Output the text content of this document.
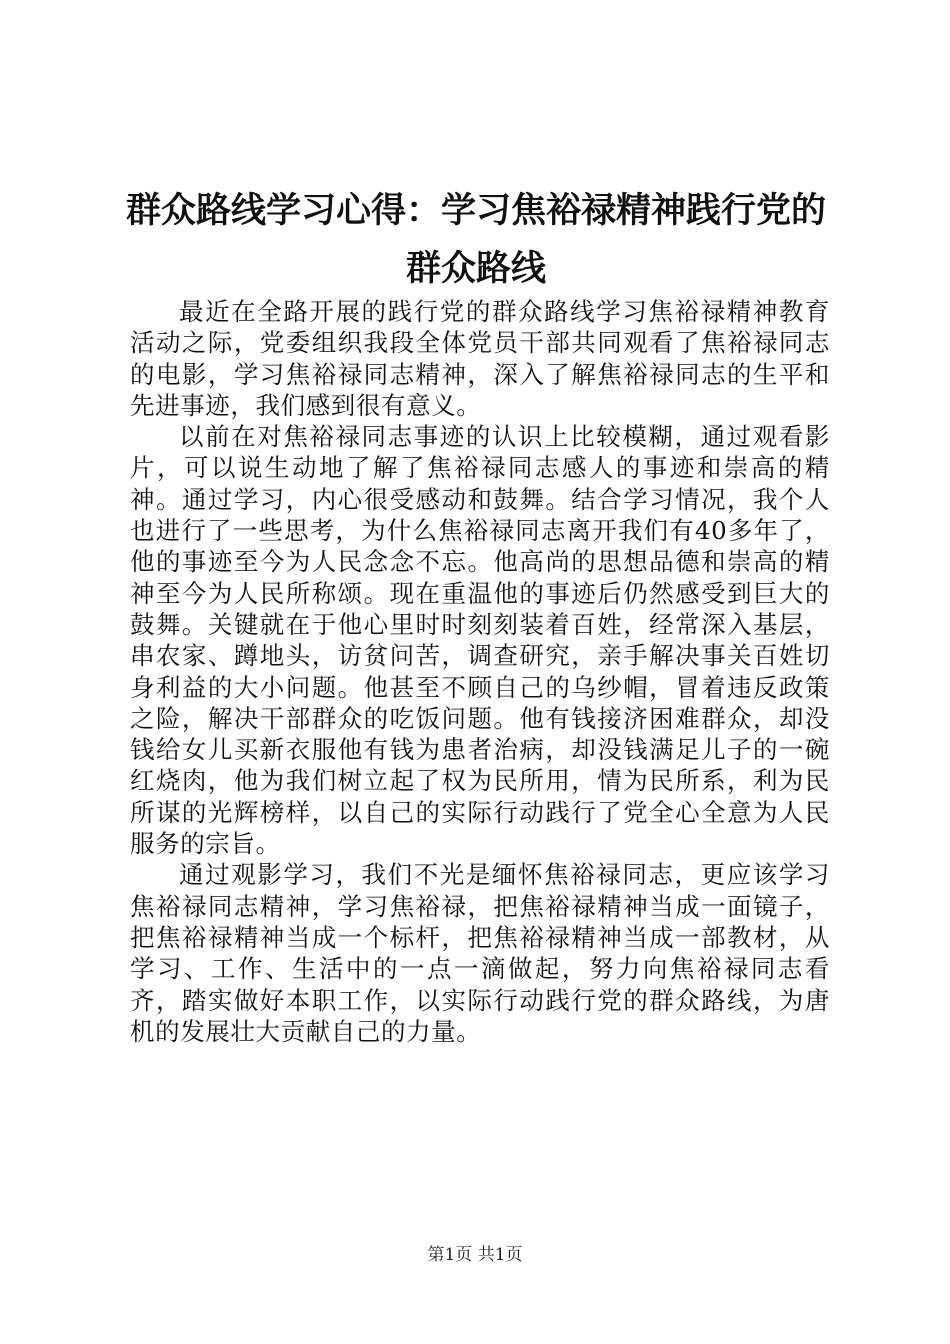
群众路线学习心得：学习焦裕禄精神践行党的群众路线

最近在全路开展的践行党的群众路线学习焦裕禄精神教育活动之际，党委组织我段全体党员干部共同观看了焦裕禄同志的电影，学习焦裕禄同志精神，深入了解焦裕禄同志的生平和先进事迹，我们感到很有意义。

以前在对焦裕禄同志事迹的认识上比较模糊，通过观看影片，可以说生动地了解了焦裕禄同志感人的事迹和崇高的精神。通过学习，内心很受感动和鼓舞。结合学习情况，我个人也进行了一些思考，为什么焦裕禄同志离开我们有40多年了，他的事迹至今为人民念念不忘。他高尚的思想品德和崇高的精神至今为人民所称颂。现在重温他的事迹后仍然感受到巨大的鼓舞。关键就在于他心里时时刻刻装着百姓，经常深入基层，串农家、蹲地头，访贫问苦，调查研究，亲手解决事关百姓切身利益的大小问题。他甚至不顾自己的乌纱帽，冒着违反政策之险，解决干部群众的吃饭问题。他有钱接济困难群众，却没钱给女儿买新衣服他有钱为患者治病，却没钱满足儿子的一碗红烧肉，他为我们树立起了权为民所用，情为民所系，利为民所谋的光辉榜样，以自己的实际行动践行了党全心全意为人民服务的宗旨。

通过观影学习，我们不光是缅怀焦裕禄同志，更应该学习焦裕禄同志精神，学习焦裕禄，把焦裕禄精神当成一面镜子，把焦裕禄精神当成一个标杆，把焦裕禄精神当成一部教材，从学习、工作、生活中的一点一滴做起，努力向焦裕禄同志看齐，踏实做好本职工作，以实际行动践行党的群众路线，为唐机的发展壮大贡献自己的力量。

第1页 共1页
